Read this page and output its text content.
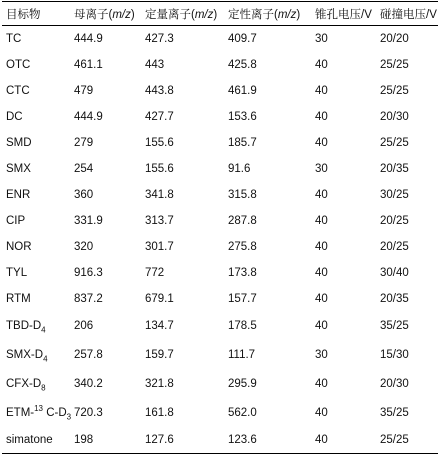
目标物	母离子(m/z)	定量离子(m/z)	定性离子(m/z)	锥孔电压/V	碰撞电压/V
TC	444.9	427.3	409.7	30	20/20
OTC	461.1	443	425.8	40	25/25
CTC	479	443.8	461.9	40	25/25
DC	444.9	427.7	153.6	40	20/30
SMD	279	155.6	185.7	40	25/25
SMX	254	155.6	91.6	30	20/35
ENR	360	341.8	315.8	40	30/25
CIP	331.9	313.7	287.8	40	20/25
NOR	320	301.7	275.8	40	20/25
TYL	916.3	772	173.8	40	30/40
RTM	837.2	679.1	157.7	40	20/35
TBD-$D_4$	206	134.7	178.5	40	35/25
SMX-$D_4$	257.8	159.7	111.7	30	15/30
CFX-$D_8$	340.2	321.8	295.9	40	20/30
ETM-$^{13}$ $C-D_3$	720.3	161.8	562.0	40	35/25
simatone	198	127.6	123.6	40	25/25
